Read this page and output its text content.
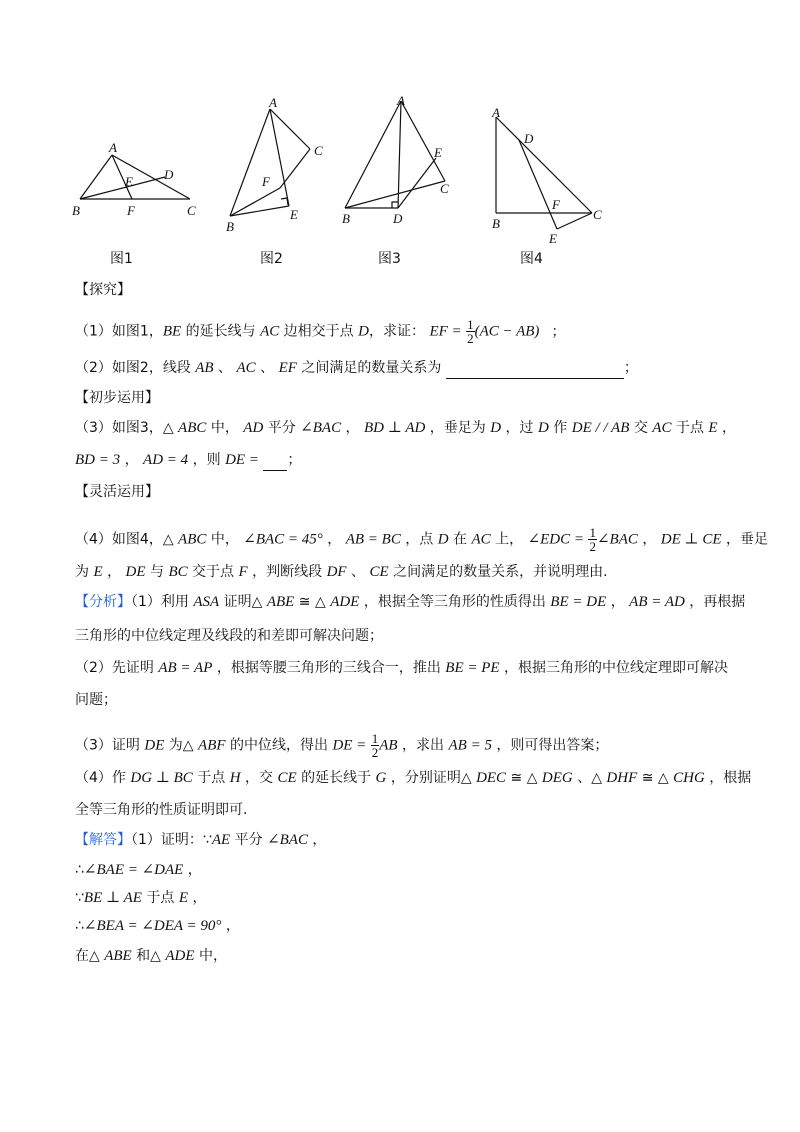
A
B	C
D
E
F
A
B
C
E
F
A
B
C
D
E
A
B
C
D
E
F
图1	图2	图3	图4
【探究】
（1）如图1，BE 的延长线与 AC 边相交于点 D，求证： EF = $\frac{1}{2} (AC - AB)$ ；
（2）如图2，线段 AB 、 AC 、 EF 之间满足的数量关系为	；
【初步运用】
（3）如图3，△ ABC 中， AD 平分 ∠BAC ， BD ⊥ AD ，垂足为 D ，过 D 作 DE / / AB 交 AC 于点 E ，
BD = 3 ， AD = 4 ，则 DE = ；
【灵活运用】
（4）如图4，△ ABC 中， ∠BAC = 45° ， AB = BC ，点 D 在 AC 上， ∠EDC = $\frac{1}{2}$ ∠BAC ， DE ⊥ CE ，垂足
为 E ， DE 与 BC 交于点 F ，判断线段 DF 、 CE 之间满足的数量关系，并说明理由.
【分析】（1）利用 ASA 证明△ ABE ≅ △ ADE ，根据全等三角形的性质得出 BE = DE ， AB = AD ，再根据
三角形的中位线定理及线段的和差即可解决问题；
（2）先证明 AB = AP ，根据等腰三角形的三线合一，推出 BE = PE ，根据三角形的中位线定理即可解决
问题；
（3）证明 DE 为△ ABF 的中位线，得出 DE = $\frac{1}{2}$ AB ，求出 AB = 5 ，则可得出答案；
（4）作 DG ⊥ BC 于点 H ，交 CE 的延长线于 G ，分别证明△ DEC ≅ △ DEG 、△ DHF ≅ △ CHG ，根据
全等三角形的性质证明即可.
【解答】（1）证明：∵AE 平分 ∠BAC ，
∴∠BAE = ∠DAE ，
∵BE ⊥ AE 于点 E ，
∴∠BEA = ∠DEA = 90° ，
在△ ABE 和△ ADE 中，
